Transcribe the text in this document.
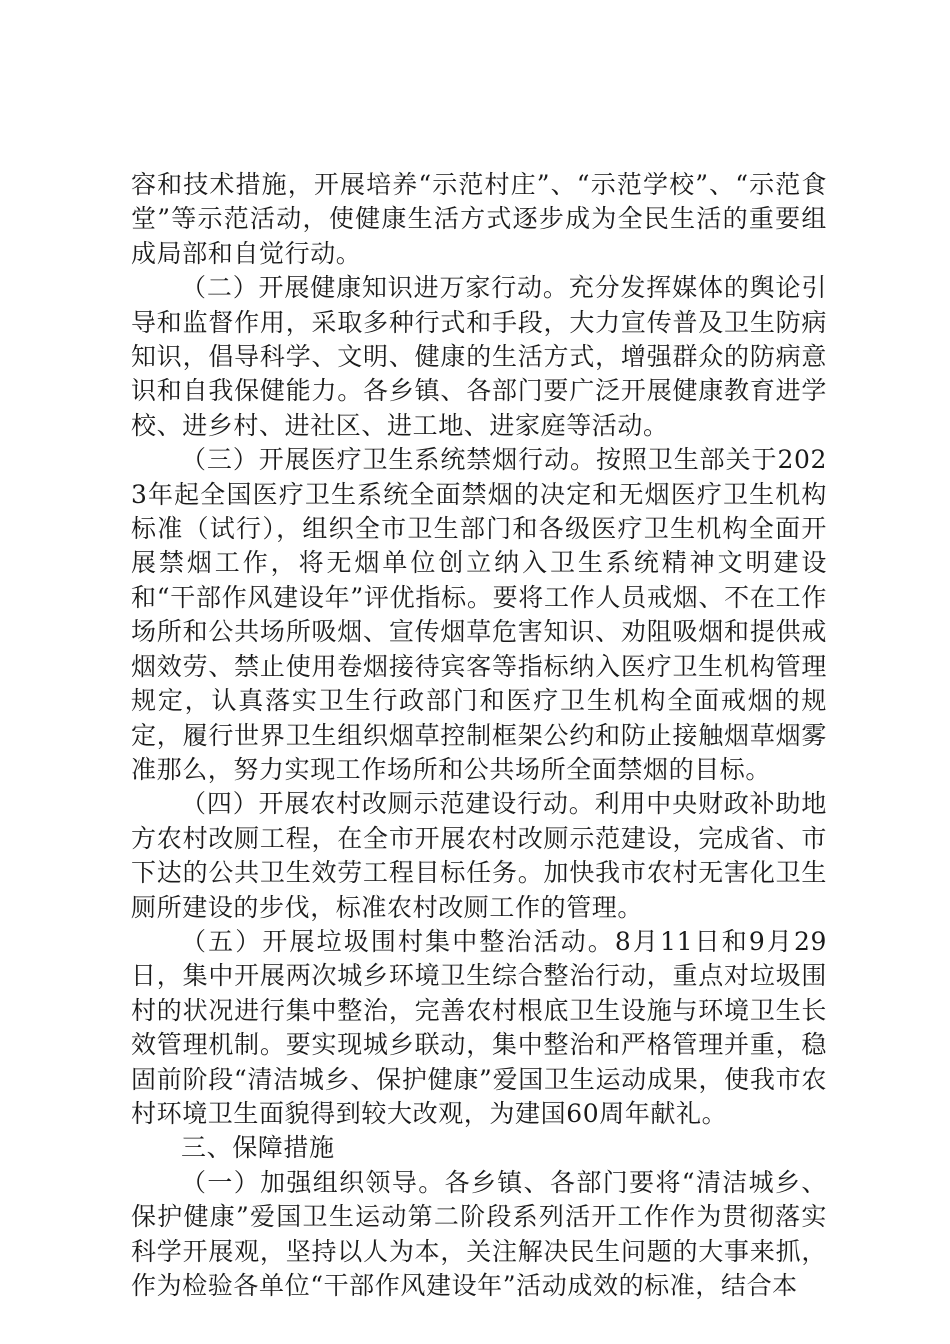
容和技术措施，开展培养“示范村庄”、“示范学校”、“示范食堂”等示范活动，使健康生活方式逐步成为全民生活的重要组成局部和自觉行动。

（二）开展健康知识进万家行动。充分发挥媒体的舆论引导和监督作用，采取多种行式和手段，大力宣传普及卫生防病知识，倡导科学、文明、健康的生活方式，增强群众的防病意识和自我保健能力。各乡镇、各部门要广泛开展健康教育进学校、进乡村、进社区、进工地、进家庭等活动。

（三）开展医疗卫生系统禁烟行动。按照卫生部关于2023年起全国医疗卫生系统全面禁烟的决定和无烟医疗卫生机构标准（试行），组织全市卫生部门和各级医疗卫生机构全面开展禁烟工作，将无烟单位创立纳入卫生系统精神文明建设和“干部作风建设年”评优指标。要将工作人员戒烟、不在工作场所和公共场所吸烟、宣传烟草危害知识、劝阻吸烟和提供戒烟效劳、禁止使用卷烟接待宾客等指标纳入医疗卫生机构管理规定，认真落实卫生行政部门和医疗卫生机构全面戒烟的规定，履行世界卫生组织烟草控制框架公约和防止接触烟草烟雾准那么，努力实现工作场所和公共场所全面禁烟的目标。

（四）开展农村改厕示范建设行动。利用中央财政补助地方农村改厕工程，在全市开展农村改厕示范建设，完成省、市下达的公共卫生效劳工程目标任务。加快我市农村无害化卫生厕所建设的步伐，标准农村改厕工作的管理。

（五）开展垃圾围村集中整治活动。8月11日和9月29日，集中开展两次城乡环境卫生综合整治行动，重点对垃圾围村的状况进行集中整治，完善农村根底卫生设施与环境卫生长效管理机制。要实现城乡联动，集中整治和严格管理并重，稳固前阶段“清洁城乡、保护健康”爱国卫生运动成果，使我市农村环境卫生面貌得到较大改观，为建国60周年献礼。

三、保障措施

（一）加强组织领导。各乡镇、各部门要将“清洁城乡、保护健康”爱国卫生运动第二阶段系列活开工作作为贯彻落实科学开展观，坚持以人为本，关注解决民生问题的大事来抓，作为检验各单位“干部作风建设年”活动成效的标准，结合本
